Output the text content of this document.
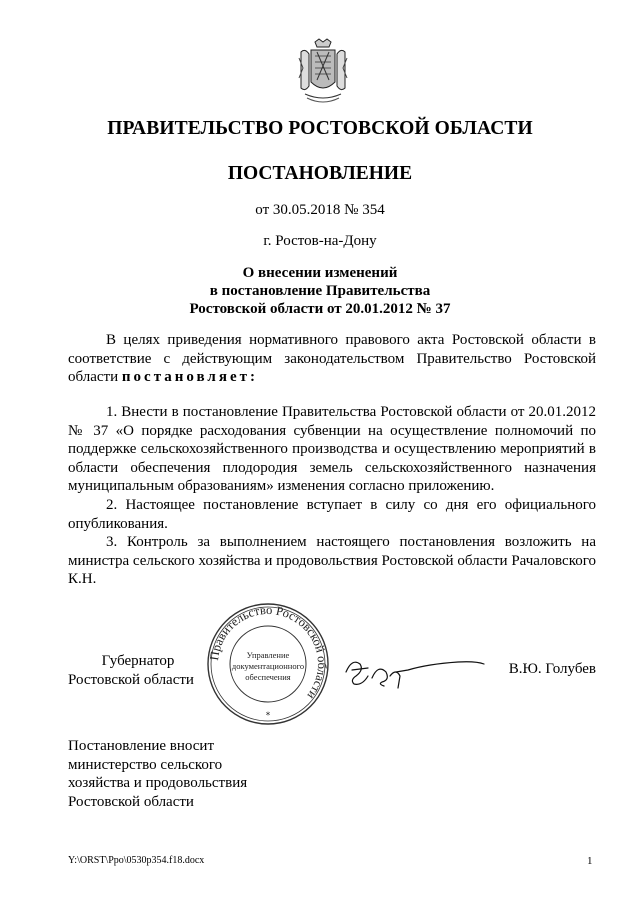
ПРАВИТЕЛЬСТВО РОСТОВСКОЙ ОБЛАСТИ
ПОСТАНОВЛЕНИЕ
от 30.05.2018 № 354
г. Ростов-на-Дону
О внесении изменений
в постановление Правительства
Ростовской области от 20.01.2012 № 37

В целях приведения нормативного правового акта Ростовской области в соответствие с действующим законодательством Правительство Ростовской области постановляет:

1. Внести в постановление Правительства Ростовской области от 20.01.2012 № 37 «О порядке расходования субвенции на осуществление полномочий по поддержке сельскохозяйственного производства и осуществлению мероприятий в области обеспечения плодородия земель сельскохозяйственного назначения муниципальным образованиям» изменения согласно приложению.

2. Настоящее постановление вступает в силу со дня его официального опубликования.

3. Контроль за выполнением настоящего постановления возложить на министра сельского хозяйства и продовольствия Ростовской области Рачаловского К.Н.

Губернатор
Ростовской области
Правительство Ростовской области
Управление
документационного
обеспечения
*
В.Ю. Голубев
Постановление вносит
министерство сельского
хозяйства и продовольствия
Ростовской области
Y:\ORST\Ppo\0530p354.f18.docx	1
